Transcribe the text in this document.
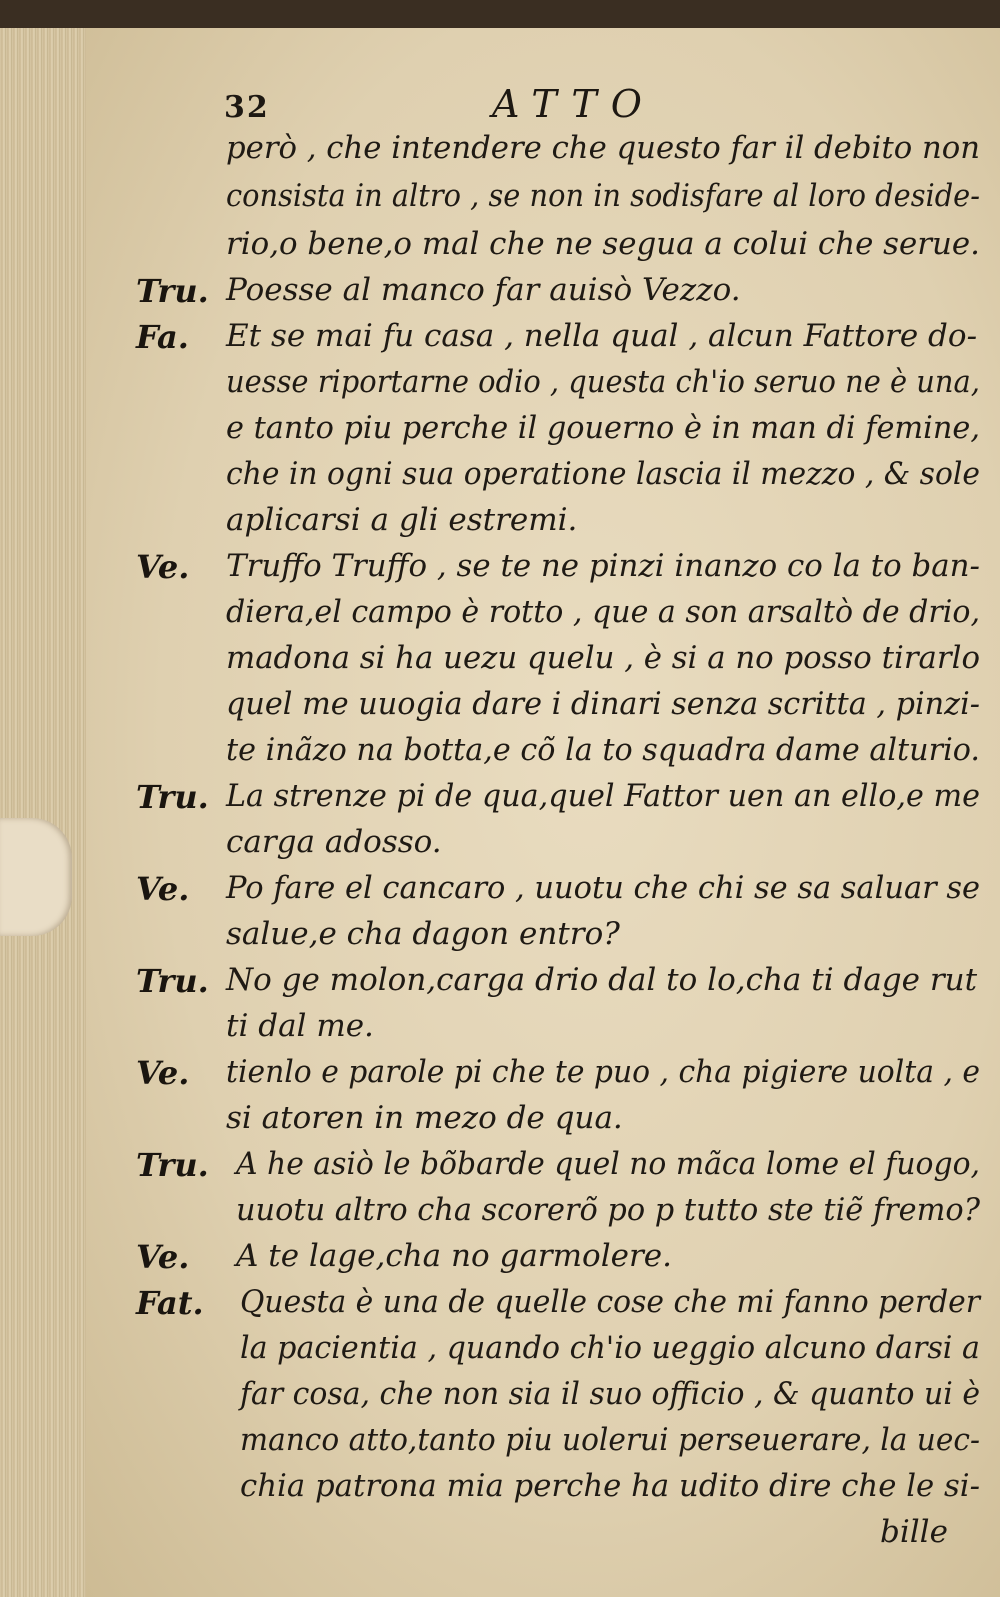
32	ATTO
però , che intendere che questo far il debito non
consista in altro , se non in sodisfare al loro deside-
rio,o bene,o mal che ne segua a colui che serue.
Tru. Poesse al manco far auisò Vezzo.
Fa. Et se mai fu casa , nella qual , alcun Fattore do-
uesse riportarne odio , questa ch'io seruo ne è una,
e tanto piu perche il gouerno è in man di femine,
che in ogni sua operatione lascia il mezzo , & sole
aplicarsi a gli estremi.
Ve. Truffo Truffo , se te ne pinzi inanzo co la to ban-
diera,el campo è rotto , que a son arsaltò de drio,
madona si ha uezu quelu , è si a no posso tirarlo
quel me uuogia dare i dinari senza scritta , pinzi-
te inãzo na botta,e cõ la to squadra dame alturio.
Tru. La strenze pi de qua,quel Fattor uen an ello,e me
carga adosso.
Ve. Po fare el cancaro , uuotu che chi se sa saluar se
salue,e cha dagon entro?
Tru. No ge molon,carga drio dal to lo,cha ti dage rut
ti dal me.
Ve. tienlo e parole pi che te puo , cha pigiere uolta , e
si atoren in mezo de qua.
Tru. A he asiò le bõbarde quel no mãca lome el fuogo,
uuotu altro cha scorerõ po p tutto ste tiẽ fremo?
Ve. A te lage,cha no garmolere.
Fat. Questa è una de quelle cose che mi fanno perder
la pacientia , quando ch'io ueggio alcuno darsi a
far cosa, che non sia il suo officio , & quanto ui è
manco atto,tanto piu uolerui perseuerare, la uec-
chia patrona mia perche ha udito dire che le si-
bille
